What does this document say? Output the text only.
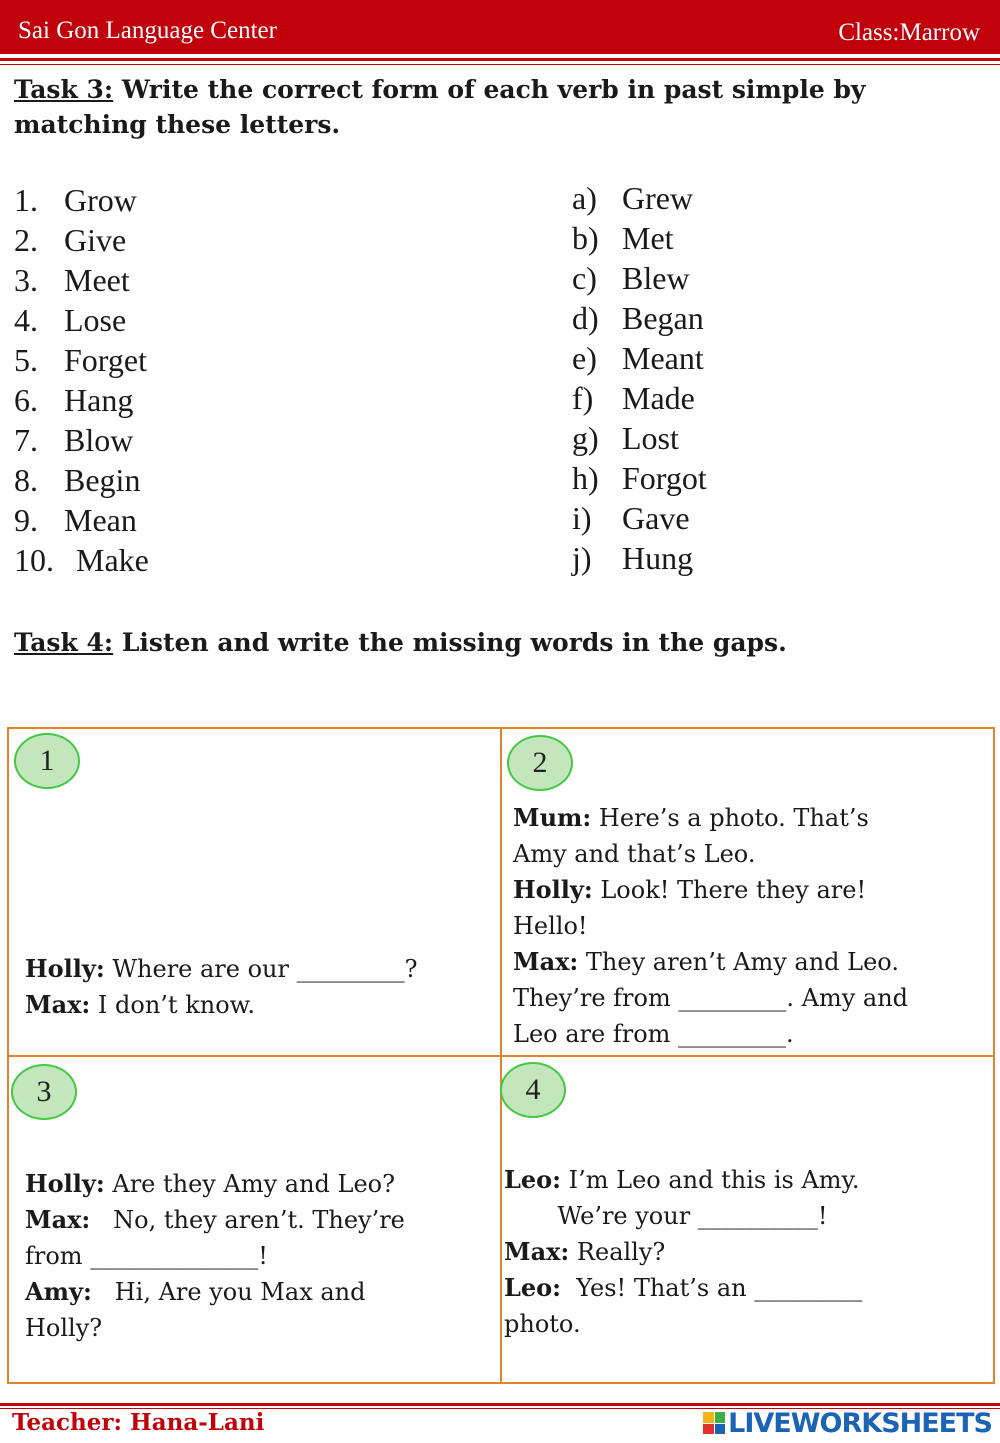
Sai Gon Language Center	Class:Marrow
Task 3: Write the correct form of each verb in past simple by
matching these letters.
1. Grow
2. Give
3. Meet
4. Lose
5. Forget
6. Hang
7. Blow
8. Begin
9. Mean
10. Make
a) Grew
b) Met
c) Blew
d) Began
e) Meant
f) Made
g) Lost
h) Forgot
i) Gave
j) Hung
Task 4: Listen and write the missing words in the gaps.
1	2
3	4
Holly: Where are our _________?
Max: I don’t know.
Mum: Here’s a photo. That’s
Amy and that’s Leo.
Holly: Look! There they are!
Hello!
Max: They aren’t Amy and Leo.
They’re from _________. Amy and
Leo are from _________.
Holly: Are they Amy and Leo?
Max:   No, they aren’t. They’re
from ______________!
Amy:   Hi, Are you Max and
Holly?
Leo: I’m Leo and this is Amy.
We’re your __________!
Max: Really?
Leo:  Yes! That’s an _________
photo.
Teacher: Hana-Lani	LIVEWORKSHEETS
